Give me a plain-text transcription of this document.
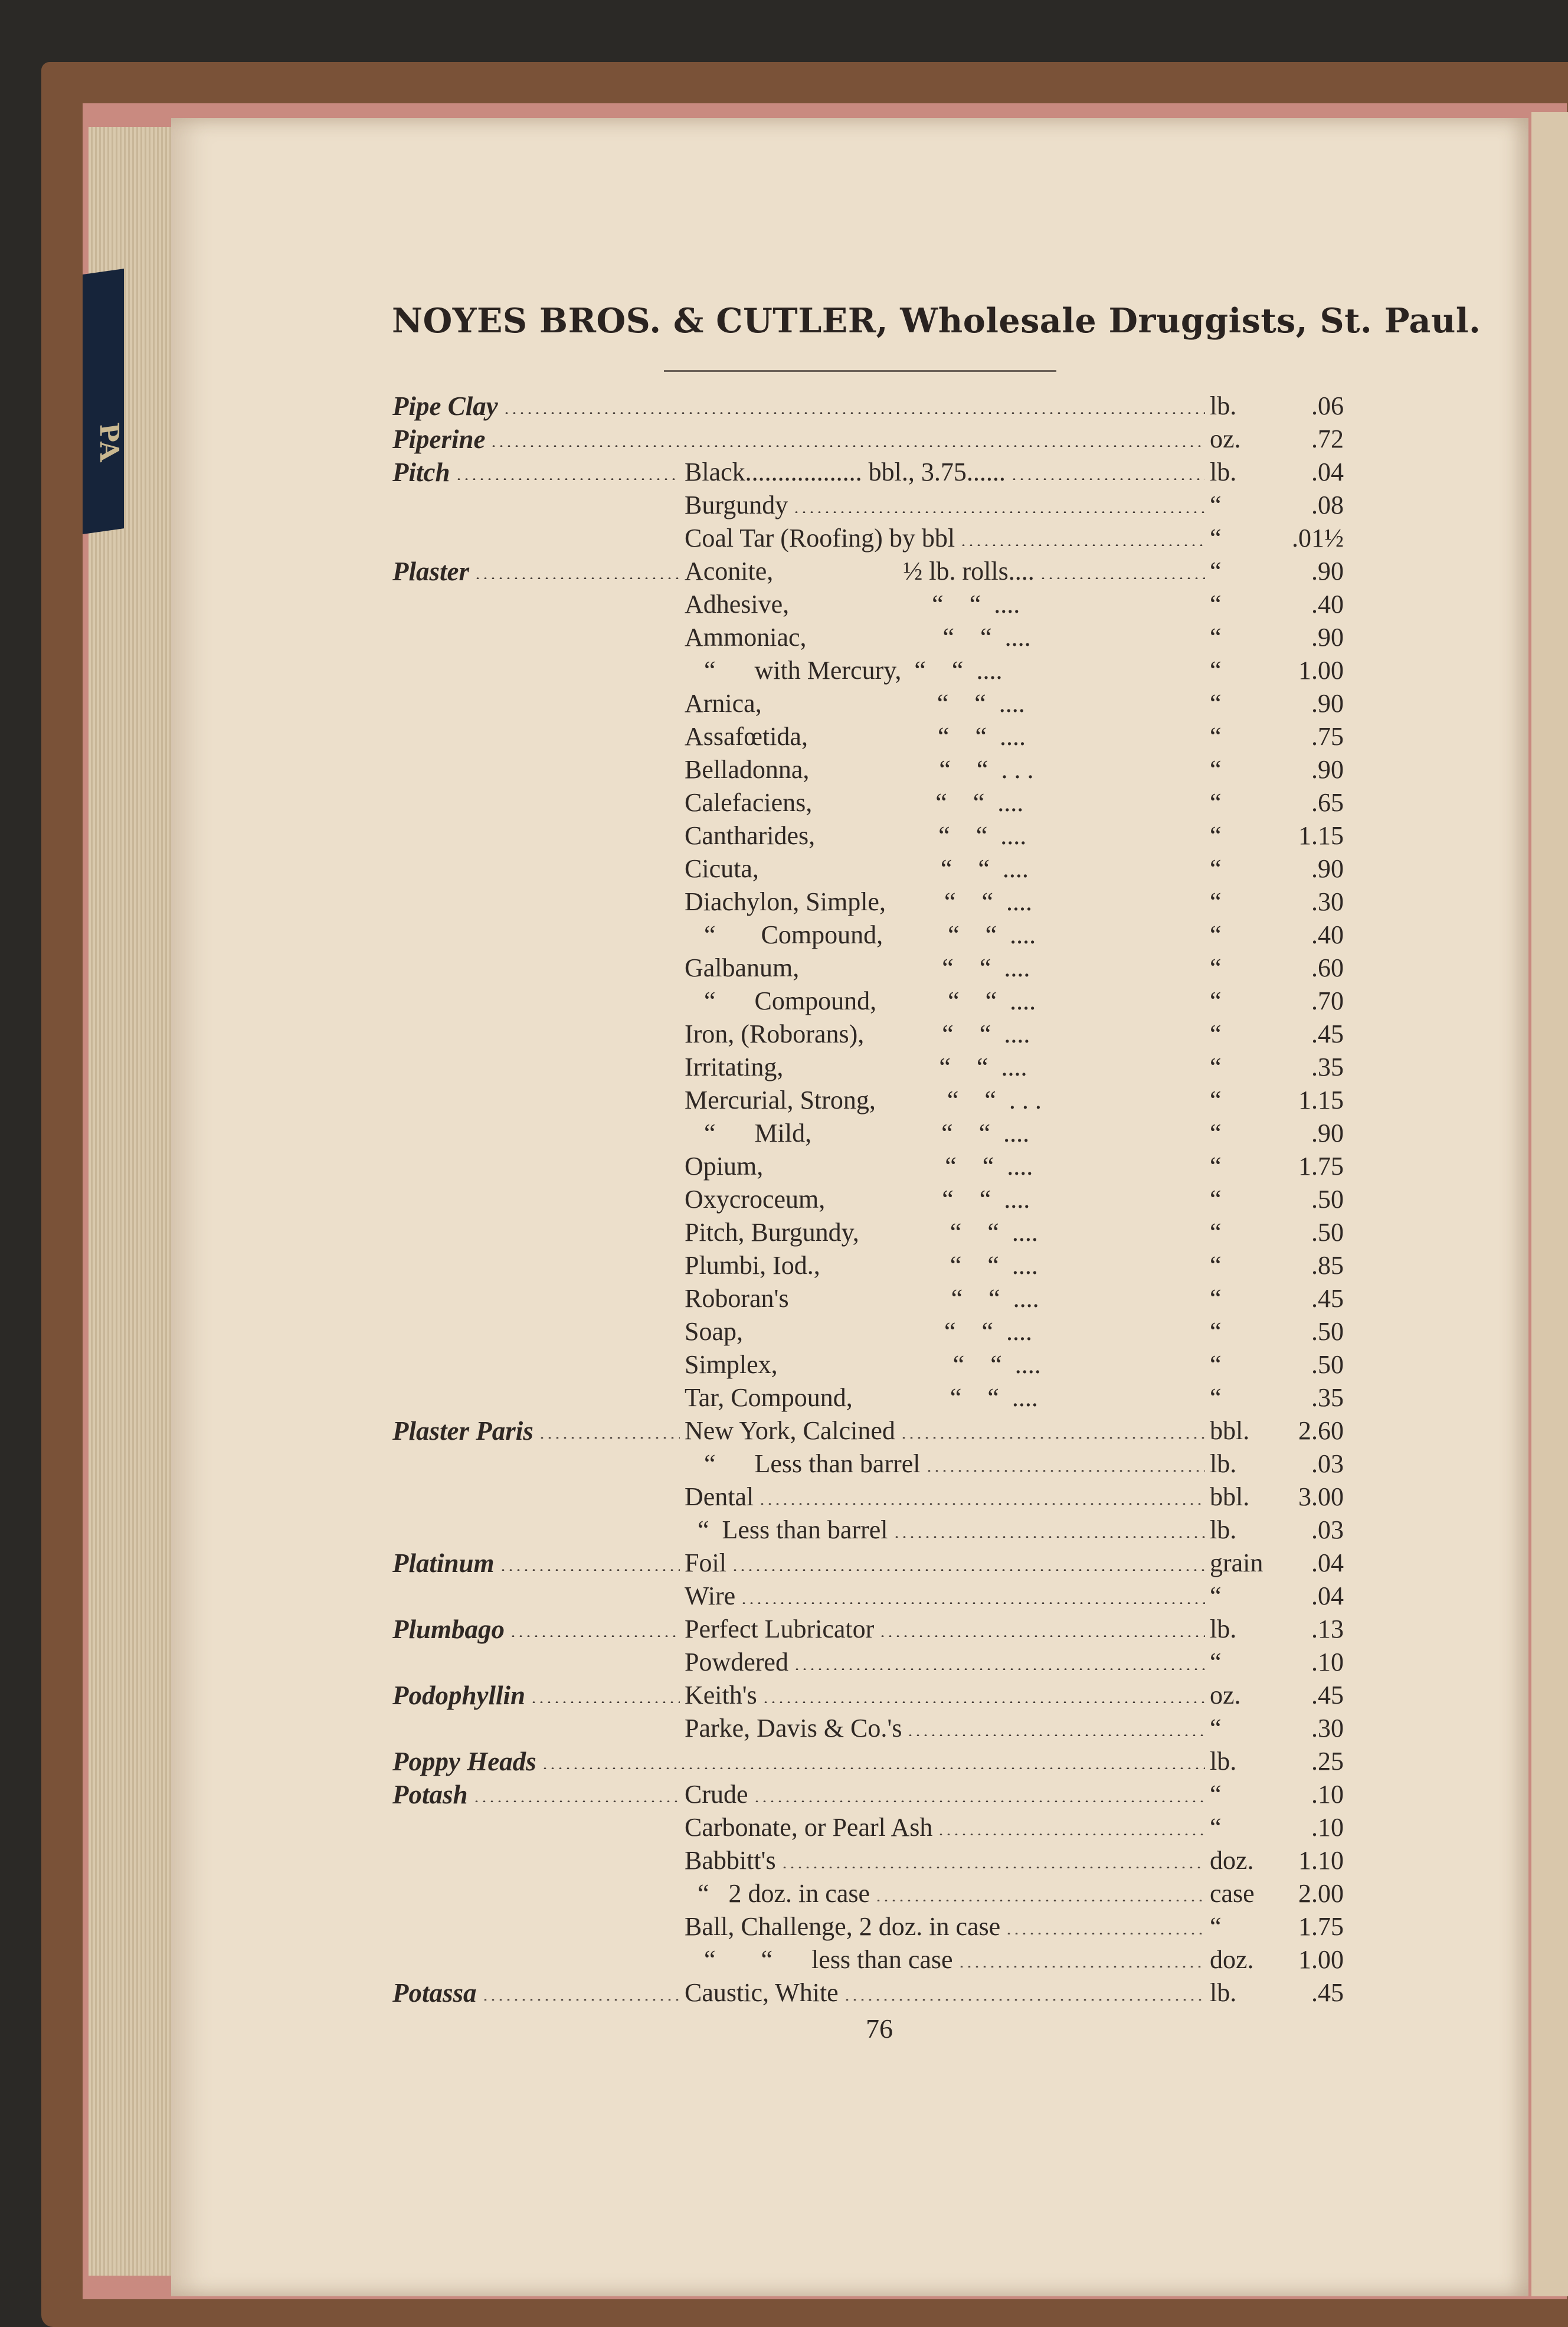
PA
NOYES BROS. & CUTLER, Wholesale Druggists, St. Paul.
Pipe Clay	lb.	.06
Piperine	oz.	.72
Pitch	Black.................. bbl., 3.75......	lb.	.04
Burgundy	“	.08
Coal Tar (Roofing) by bbl	“	.01½
Plaster	Aconite,                    ½ lb. rolls....	“	.90
Adhesive,                      “    “  ....	“	.40
Ammoniac,                     “    “  ....	“	.90
“      with Mercury,  “    “  ....	“	1.00
Arnica,                           “    “  ....	“	.90
Assafœtida,                    “    “  ....	“	.75
Belladonna,                    “    “  . . .	“	.90
Calefaciens,                   “    “  ....	“	.65
Cantharides,                   “    “  ....	“	1.15
Cicuta,                            “    “  ....	“	.90
Diachylon, Simple,         “    “  ....	“	.30
“       Compound,          “    “  ....	“	.40
Galbanum,                      “    “  ....	“	.60
“      Compound,           “    “  ....	“	.70
Iron, (Roborans),            “    “  ....	“	.45
Irritating,                        “    “  ....	“	.35
Mercurial, Strong,           “    “  . . .	“	1.15
“      Mild,                    “    “  ....	“	.90
Opium,                            “    “  ....	“	1.75
Oxycroceum,                  “    “  ....	“	.50
Pitch, Burgundy,              “    “  ....	“	.50
Plumbi, Iod.,                    “    “  ....	“	.85
Roboran's                         “    “  ....	“	.45
Soap,                               “    “  ....	“	.50
Simplex,                           “    “  ....	“	.50
Tar, Compound,               “    “  ....	“	.35
Plaster Paris	New York, Calcined	bbl. 2.60
“      Less than barrel	lb.	.03
Dental	bbl. 3.00
“  Less than barrel	lb.	.03
Platinum	Foil	grain .04
Wire	“	.04
Plumbago	Perfect Lubricator	lb.	.13
Powdered	“	.10
Podophyllin	Keith's	oz.	.45
Parke, Davis & Co.'s	“	.30
Poppy Heads	lb.	.25
Potash	Crude	“	.10
Carbonate, or Pearl Ash	“	.10
Babbitt's	doz. 1.10
“   2 doz. in case	case 2.00
Ball, Challenge, 2 doz. in case	“	1.75
“       “      less than case	doz. 1.00
Potassa	Caustic, White	lb.	.45
76
